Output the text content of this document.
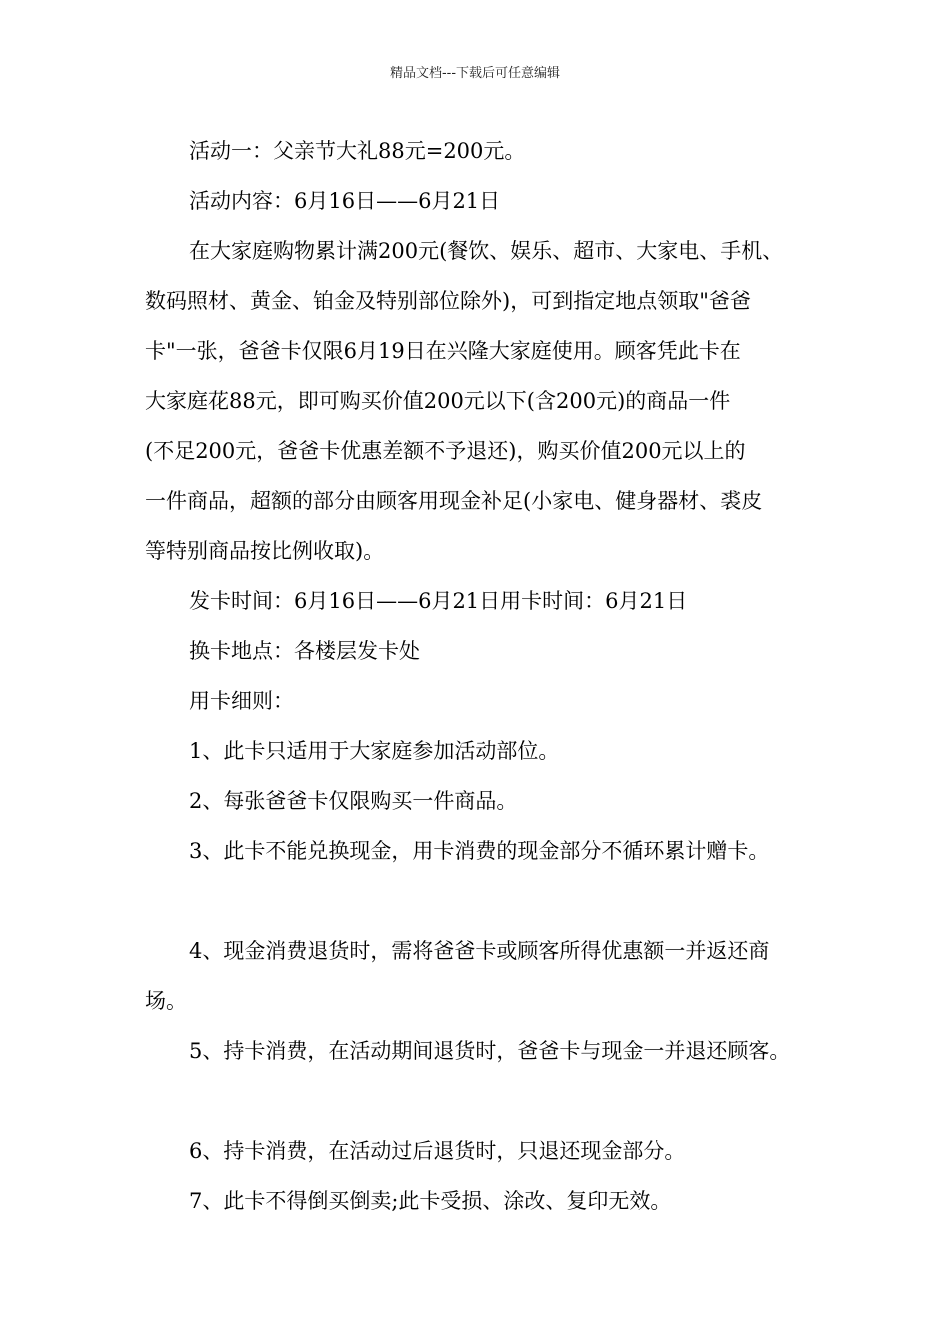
精品文档---下载后可任意编辑

活动一：父亲节大礼88元=200元。

活动内容：6月16日——6月21日

在大家庭购物累计满200元(餐饮、娱乐、超市、大家电、手机、
数码照材、黄金、铂金及特别部位除外)，可到指定地点领取"爸爸
卡"一张，爸爸卡仅限6月19日在兴隆大家庭使用。顾客凭此卡在
大家庭花88元，即可购买价值200元以下(含200元)的商品一件
(不足200元，爸爸卡优惠差额不予退还)，购买价值200元以上的
一件商品，超额的部分由顾客用现金补足(小家电、健身器材、裘皮
等特别商品按比例收取)。

发卡时间：6月16日——6月21日用卡时间：6月21日

换卡地点：各楼层发卡处

用卡细则：

1、此卡只适用于大家庭参加活动部位。

2、每张爸爸卡仅限购买一件商品。

3、此卡不能兑换现金，用卡消费的现金部分不循环累计赠卡。

4、现金消费退货时，需将爸爸卡或顾客所得优惠额一并返还商
场。

5、持卡消费，在活动期间退货时，爸爸卡与现金一并退还顾客。

6、持卡消费，在活动过后退货时，只退还现金部分。

7、此卡不得倒买倒卖;此卡受损、涂改、复印无效。
